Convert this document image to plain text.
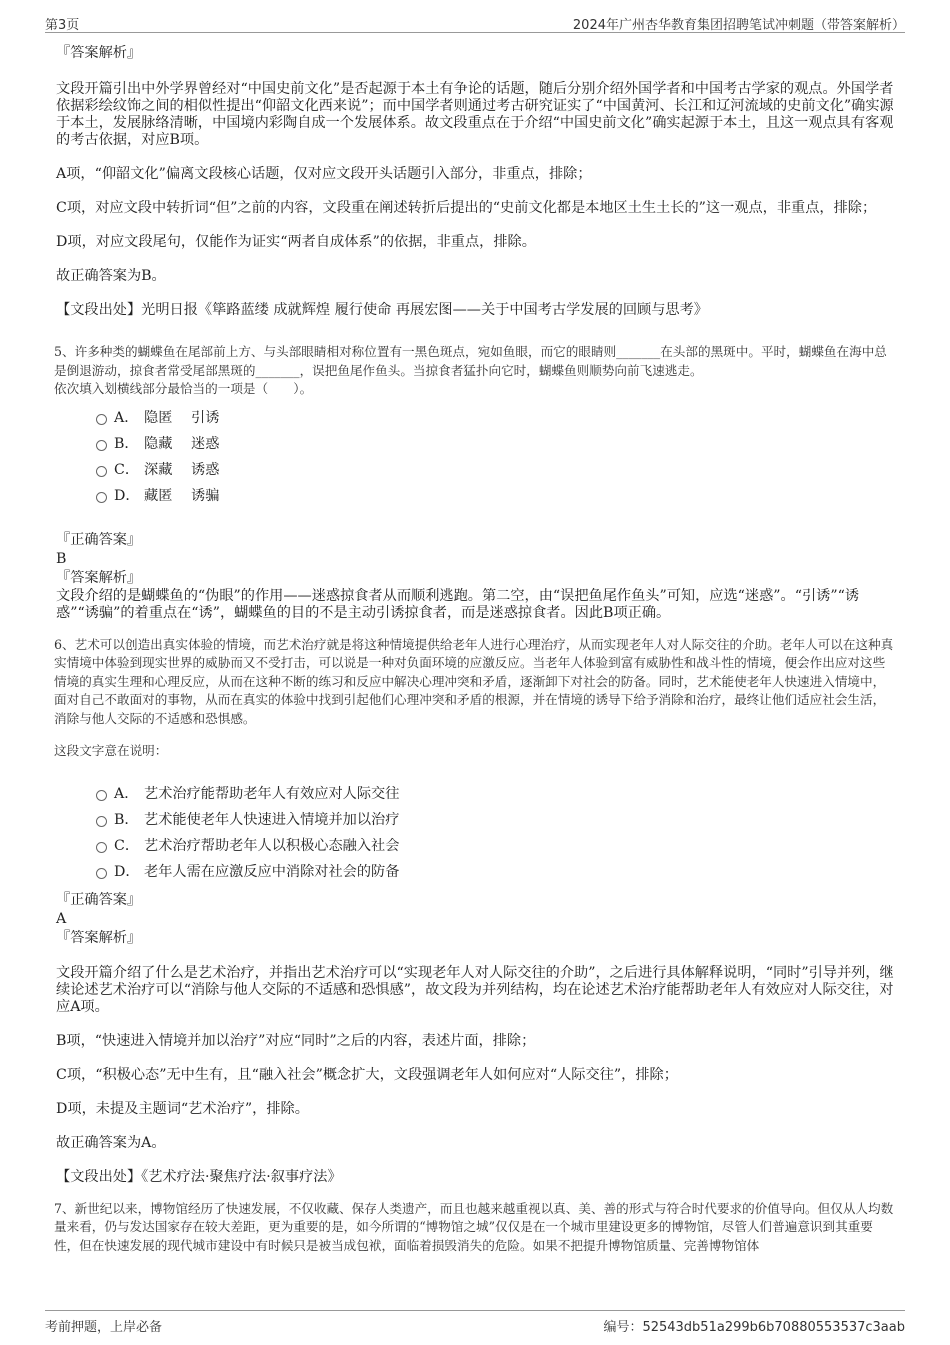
第3页	2024年广州杏华教育集团招聘笔试冲刺题（带答案解析）

『答案解析』

文段开篇引出中外学界曾经对“中国史前文化”是否起源于本土有争论的话题，随后分别介绍外国学者和中国考古学家的观点。外国学者依据彩绘纹饰之间的相似性提出“仰韶文化西来说”；而中国学者则通过考古研究证实了“中国黄河、长江和辽河流域的史前文化”确实源于本土，发展脉络清晰，中国境内彩陶自成一个发展体系。故文段重点在于介绍“中国史前文化”确实起源于本土，且这一观点具有客观的考古依据，对应B项。

A项，“仰韶文化”偏离文段核心话题，仅对应文段开头话题引入部分，非重点，排除；

C项，对应文段中转折词“但”之前的内容，文段重在阐述转折后提出的“史前文化都是本地区土生土长的”这一观点，非重点，排除；

D项，对应文段尾句，仅能作为证实“两者自成体系”的依据，非重点，排除。

故正确答案为B。

【文段出处】光明日报《筚路蓝缕 成就辉煌 履行使命 再展宏图——关于中国考古学发展的回顾与思考》

5、许多种类的蝴蝶鱼在尾部前上方、与头部眼睛相对称位置有一黑色斑点，宛如鱼眼，而它的眼睛则_______在头部的黑斑中。平时，蝴蝶鱼在海中总是倒退游动，掠食者常受尾部黑斑的_______，误把鱼尾作鱼头。当掠食者猛扑向它时，蝴蝶鱼则顺势向前飞速逃走。

依次填入划横线部分最恰当的一项是（　　）。

A． 隐匿 引诱
B． 隐藏 迷惑
C． 深藏 诱惑
D． 藏匿 诱骗

『正确答案』

B

『答案解析』

文段介绍的是蝴蝶鱼的“伪眼”的作用——迷惑掠食者从而顺利逃跑。第二空，由“误把鱼尾作鱼头”可知，应选“迷惑”。“引诱”“诱惑”“诱骗”的着重点在“诱”，蝴蝶鱼的目的不是主动引诱掠食者，而是迷惑掠食者。因此B项正确。

6、艺术可以创造出真实体验的情境，而艺术治疗就是将这种情境提供给老年人进行心理治疗，从而实现老年人对人际交往的介助。老年人可以在这种真实情境中体验到现实世界的威胁而又不受打击，可以说是一种对负面环境的应激反应。当老年人体验到富有威胁性和战斗性的情境，便会作出应对这些情境的真实生理和心理反应，从而在这种不断的练习和反应中解决心理冲突和矛盾，逐渐卸下对社会的防备。同时，艺术能使老年人快速进入情境中，面对自己不敢面对的事物，从而在真实的体验中找到引起他们心理冲突和矛盾的根源，并在情境的诱导下给予消除和治疗，最终让他们适应社会生活，消除与他人交际的不适感和恐惧感。

这段文字意在说明：

A． 艺术治疗能帮助老年人有效应对人际交往
B． 艺术能使老年人快速进入情境并加以治疗
C． 艺术治疗帮助老年人以积极心态融入社会
D． 老年人需在应激反应中消除对社会的防备

『正确答案』

A

『答案解析』

文段开篇介绍了什么是艺术治疗，并指出艺术治疗可以“实现老年人对人际交往的介助”，之后进行具体解释说明，“同时”引导并列，继续论述艺术治疗可以“消除与他人交际的不适感和恐惧感”，故文段为并列结构，均在论述艺术治疗能帮助老年人有效应对人际交往，对应A项。

B项，“快速进入情境并加以治疗”对应“同时”之后的内容，表述片面，排除；

C项，“积极心态”无中生有，且“融入社会”概念扩大，文段强调老年人如何应对“人际交往”，排除；

D项，未提及主题词“艺术治疗”，排除。

故正确答案为A。

【文段出处】《艺术疗法·聚焦疗法·叙事疗法》

7、新世纪以来，博物馆经历了快速发展，不仅收藏、保存人类遗产，而且也越来越重视以真、美、善的形式与符合时代要求的价值导向。但仅从人均数量来看，仍与发达国家存在较大差距，更为重要的是，如今所谓的“博物馆之城”仅仅是在一个城市里建设更多的博物馆，尽管人们普遍意识到其重要性，但在快速发展的现代城市建设中有时候只是被当成包袱，面临着损毁消失的危险。如果不把提升博物馆质量、完善博物馆体

考前押题，上岸必备	编号：52543db51a299b6b70880553537c3aab
